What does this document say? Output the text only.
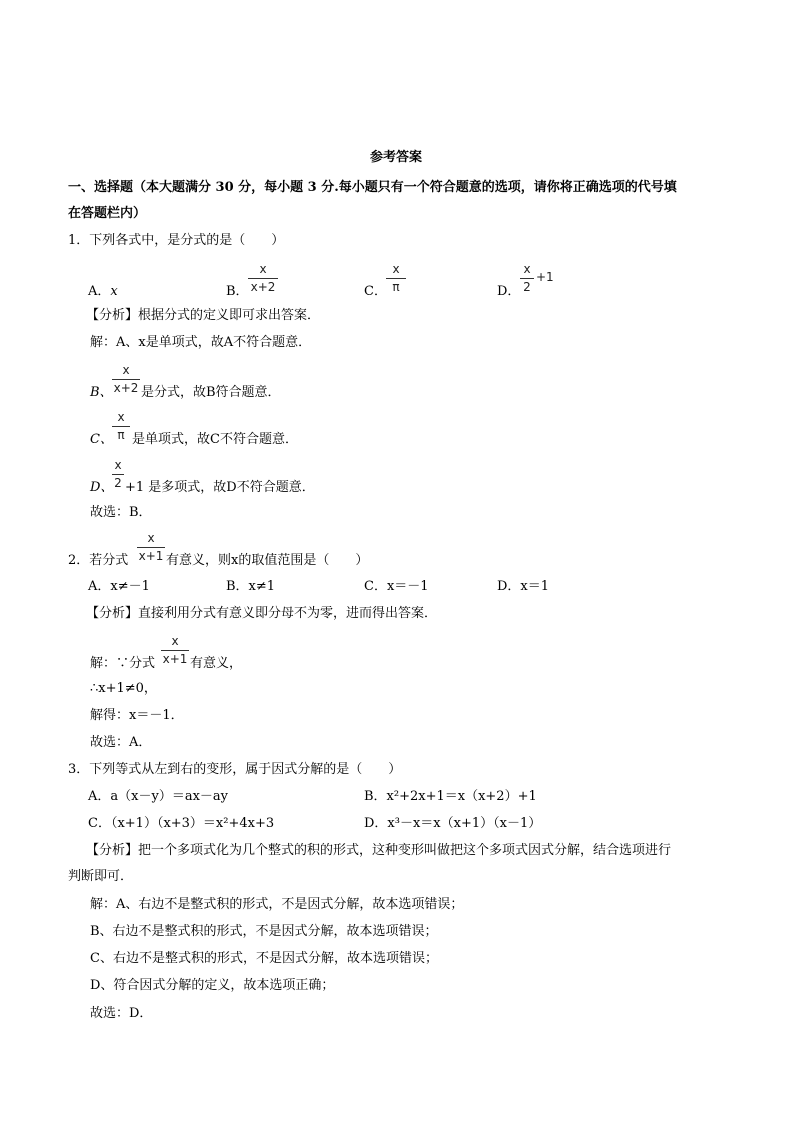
参考答案
一、选择题（本大题满分 30 分，每小题 3 分.每小题只有一个符合题意的选项，请你将正确选项的代号填
在答题栏内）
1．下列各式中，是分式的是（　　）
A．x	B．
x
x+2	C．
x
π	D．
x
2
+1
【分析】根据分式的定义即可求出答案．
解：A、x是单项式，故A不符合题意．
B、
x
x+2 是分式，故B符合题意．
C、
x
π 是单项式，故C不符合题意．
D、
x
2 +1 是多项式，故D不符合题意．
故选：B．
2．若分式
x
x+1 有意义，则x的取值范围是（　　）
A．x≠－1	B．x≠1	C．x＝－1	D．x＝1
【分析】直接利用分式有意义即分母不为零，进而得出答案．
解：∵分式
x
x+1 有意义，
∴x+1≠0，
解得：x＝－1．
故选：A．
3．下列等式从左到右的变形，属于因式分解的是（　　）
A．a（x－y）＝ax－ay	B．x²+2x+1＝x（x+2）+1
C．（x+1）（x+3）＝x²+4x+3	D．x³－x＝x（x+1）（x－1）
【分析】把一个多项式化为几个整式的积的形式，这种变形叫做把这个多项式因式分解，结合选项进行
判断即可．
解：A、右边不是整式积的形式，不是因式分解，故本选项错误；
B、右边不是整式积的形式，不是因式分解，故本选项错误；
C、右边不是整式积的形式，不是因式分解，故本选项错误；
D、符合因式分解的定义，故本选项正确；
故选：D．
